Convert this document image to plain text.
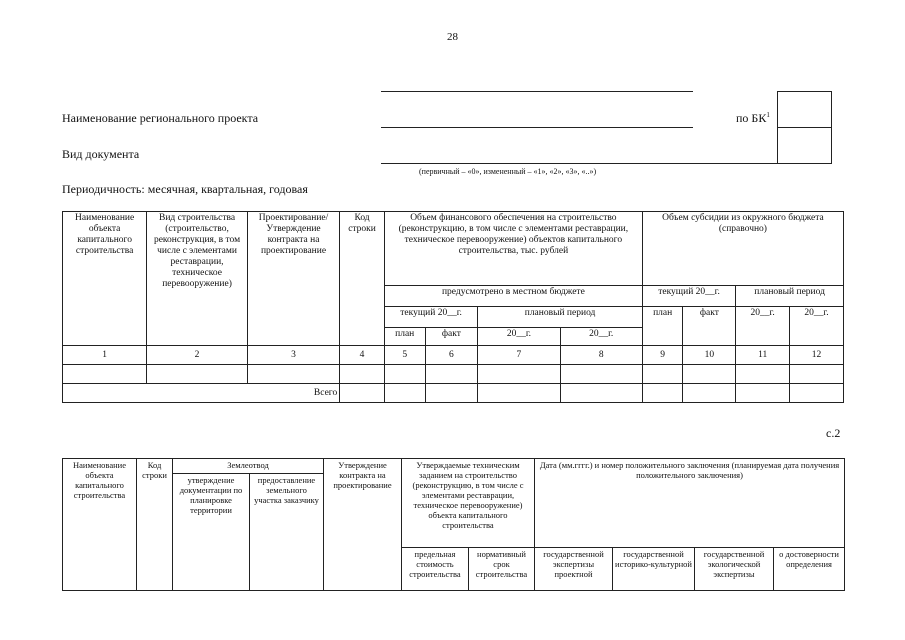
28
Наименование регионального проекта	по $БК^1$
Вид документа
(первичный – «0», измененный – «1», «2», «3», «..»)
Периодичность: месячная, квартальная, годовая
Наименование объекта капитального строительства	Вид строительства (строительство, реконструкция, в том числе с элементами реставрации, техническое перевооружение)	Проектирование/ Утверждение контракта на проектирование	Код строки	Объем финансового обеспечения на строительство (реконструкцию, в том числе с элементами реставрации, техническое перевооружение) объектов капитального строительства, тыс. рублей				Объем субсидии из окружного бюджета (справочно)			
				предусмотрено в местном бюджете				текущий 20__г.		плановый период	
				текущий 20__г.		плановый период		план	факт	20__г.	20__г.
				план	факт	20__г.	20__г.				
1	2	3	4	5	6	7	8	9	10	11	12

		Всего									
с.2
Наименование объекта капитального строительства	Код строки	Землеотвод		Утверждение контракта на проектирование	Утверждаемые техническим заданием на строительство (реконструкцию, в том числе с элементами реставрации, техническое перевооружение) объекта капитального строительства		Дата (мм.гггг.) и номер положительного заключения (планируемая дата получения положительного заключения)			
		утверждение документации по планировке территории	предоставление земельного участка заказчику							
					предельная стоимость строительства	нормативный срок строительства	государственной экспертизы проектной	государственной историко-культурной	государственной экологической экспертизы	о достоверности определения
